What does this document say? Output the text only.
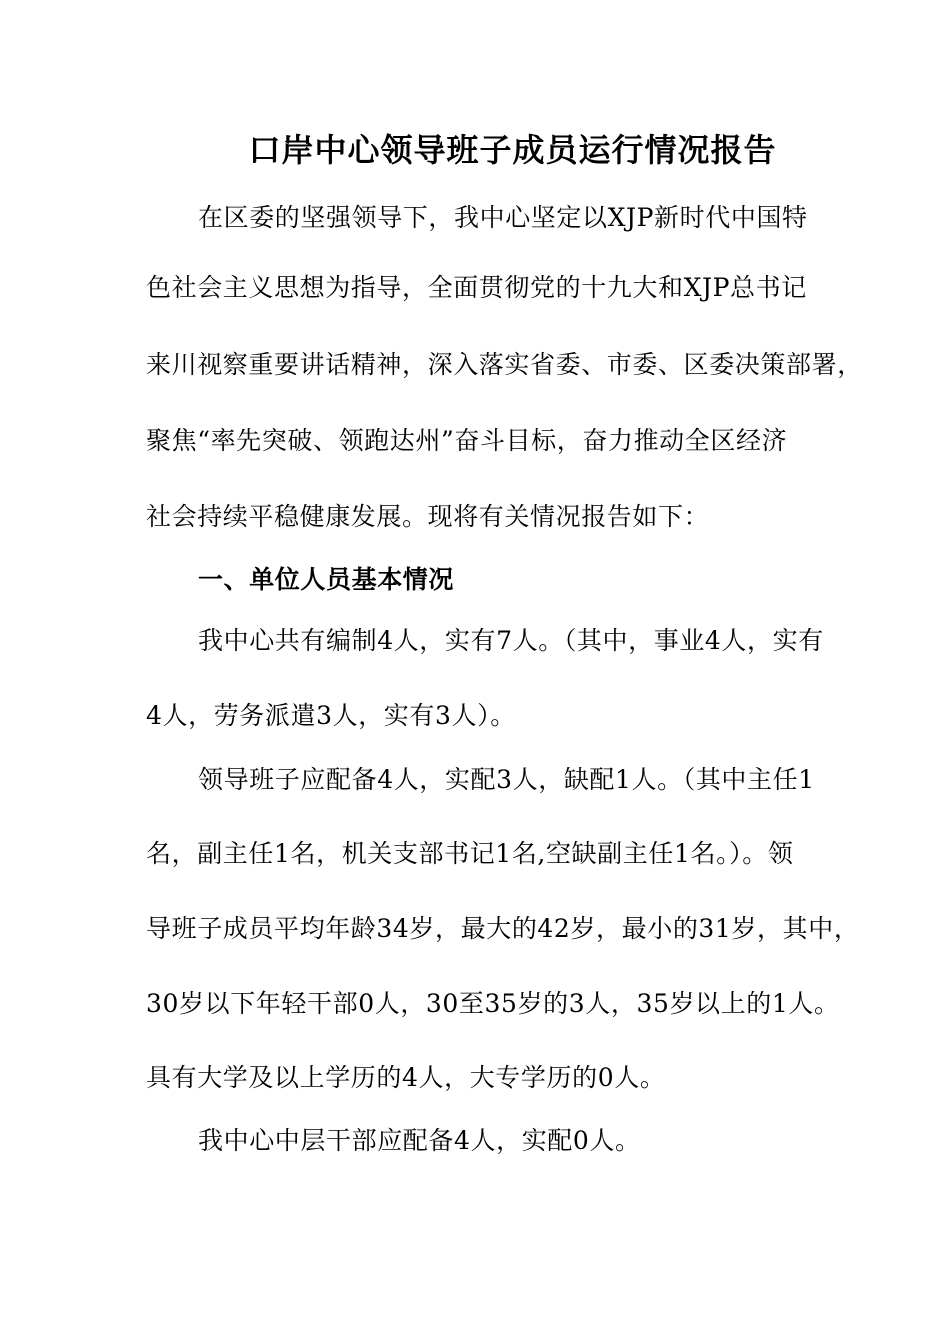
口岸中心领导班子成员运行情况报告

在区委的坚强领导下，我中心坚定以XJP新时代中国特

色社会主义思想为指导，全面贯彻党的十九大和XJP总书记

来川视察重要讲话精神，深入落实省委、市委、区委决策部署，

聚焦“率先突破、领跑达州”奋斗目标，奋力推动全区经济

社会持续平稳健康发展。现将有关情况报告如下：

一、单位人员基本情况

我中心共有编制4人，实有7人。（其中，事业4人，实有

4人，劳务派遣3人，实有3人）。

领导班子应配备4人，实配3人，缺配1人。（其中主任1

名，副主任1名，机关支部书记1名,空缺副主任1名。）。领

导班子成员平均年龄34岁，最大的42岁，最小的31岁，其中，

30岁以下年轻干部0人，30至35岁的3人，35岁以上的1人。

具有大学及以上学历的4人，大专学历的0人。

我中心中层干部应配备4人，实配0人。
